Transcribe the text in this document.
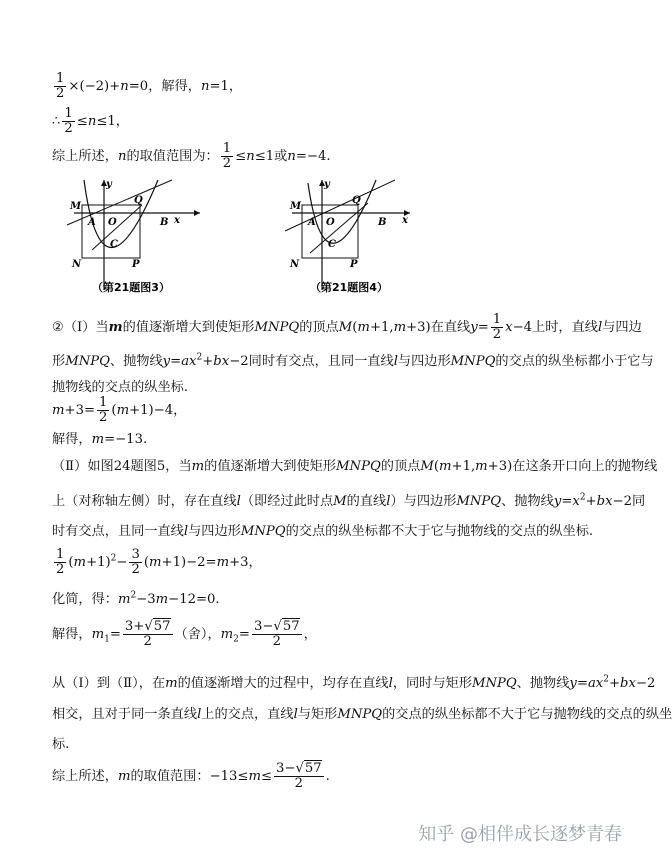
$\frac{1}{2} \times(-2)+n=0$，解得，n=1，
∴ $\frac{1}{2} \le n\le 1$，
综上所述，n的取值范围为： $\frac{1}{2} \le n\le 1$或n=−4.
y
x
M
A O
Q
B
C
N	P
（第21题图3）
y
x
M
A O
Q
B
C
N	P
（第21题图4）
②（Ⅰ）当m的值逐渐增大到使矩形MNPQ的顶点M(m+1,m+3)在直线$y= \frac{1}{2} x-4$上时，直线l与四边
形MNPQ、抛物线$y=ax^2+bx-2$同时有交点，且同一直线l与四边形MNPQ的交点的纵坐标都小于它与
抛物线的交点的纵坐标.
$m+3= \frac{1}{2} (m+1)-4$，
解得，m=−13.
（Ⅱ）如图24题图5，当m的值逐渐增大到使矩形MNPQ的顶点M(m+1,m+3)在这条开口向上的抛物线
上（对称轴左侧）时，存在直线l（即经过此时点M的直线l）与四边形MNPQ、抛物线$y=x^2+bx-2$同
时有交点，且同一直线l与四边形MNPQ的交点的纵坐标都不大于它与抛物线的交点的纵坐标.
$\frac{1}{2} (m+1)^2- \frac{3}{2} (m+1)-2=m+3$，
化简，得：$m^2-3m-12=0$.
解得，$m_1= \frac{3+√57}{2}$ （舍），$m_2= \frac{3-√57}{2}$ ，
从（Ⅰ）到（Ⅱ），在m的值逐渐增大的过程中，均存在直线l，同时与矩形MNPQ、抛物线$y=ax^2+bx-2$
相交，且对于同一条直线l上的交点，直线l与矩形MNPQ的交点的纵坐标都不大于它与抛物线的交点的纵坐
标.
综上所述，m的取值范围：$-13\le m\le \frac{3-√57}{2}$ .
知乎 @相伴成长逐梦青春
